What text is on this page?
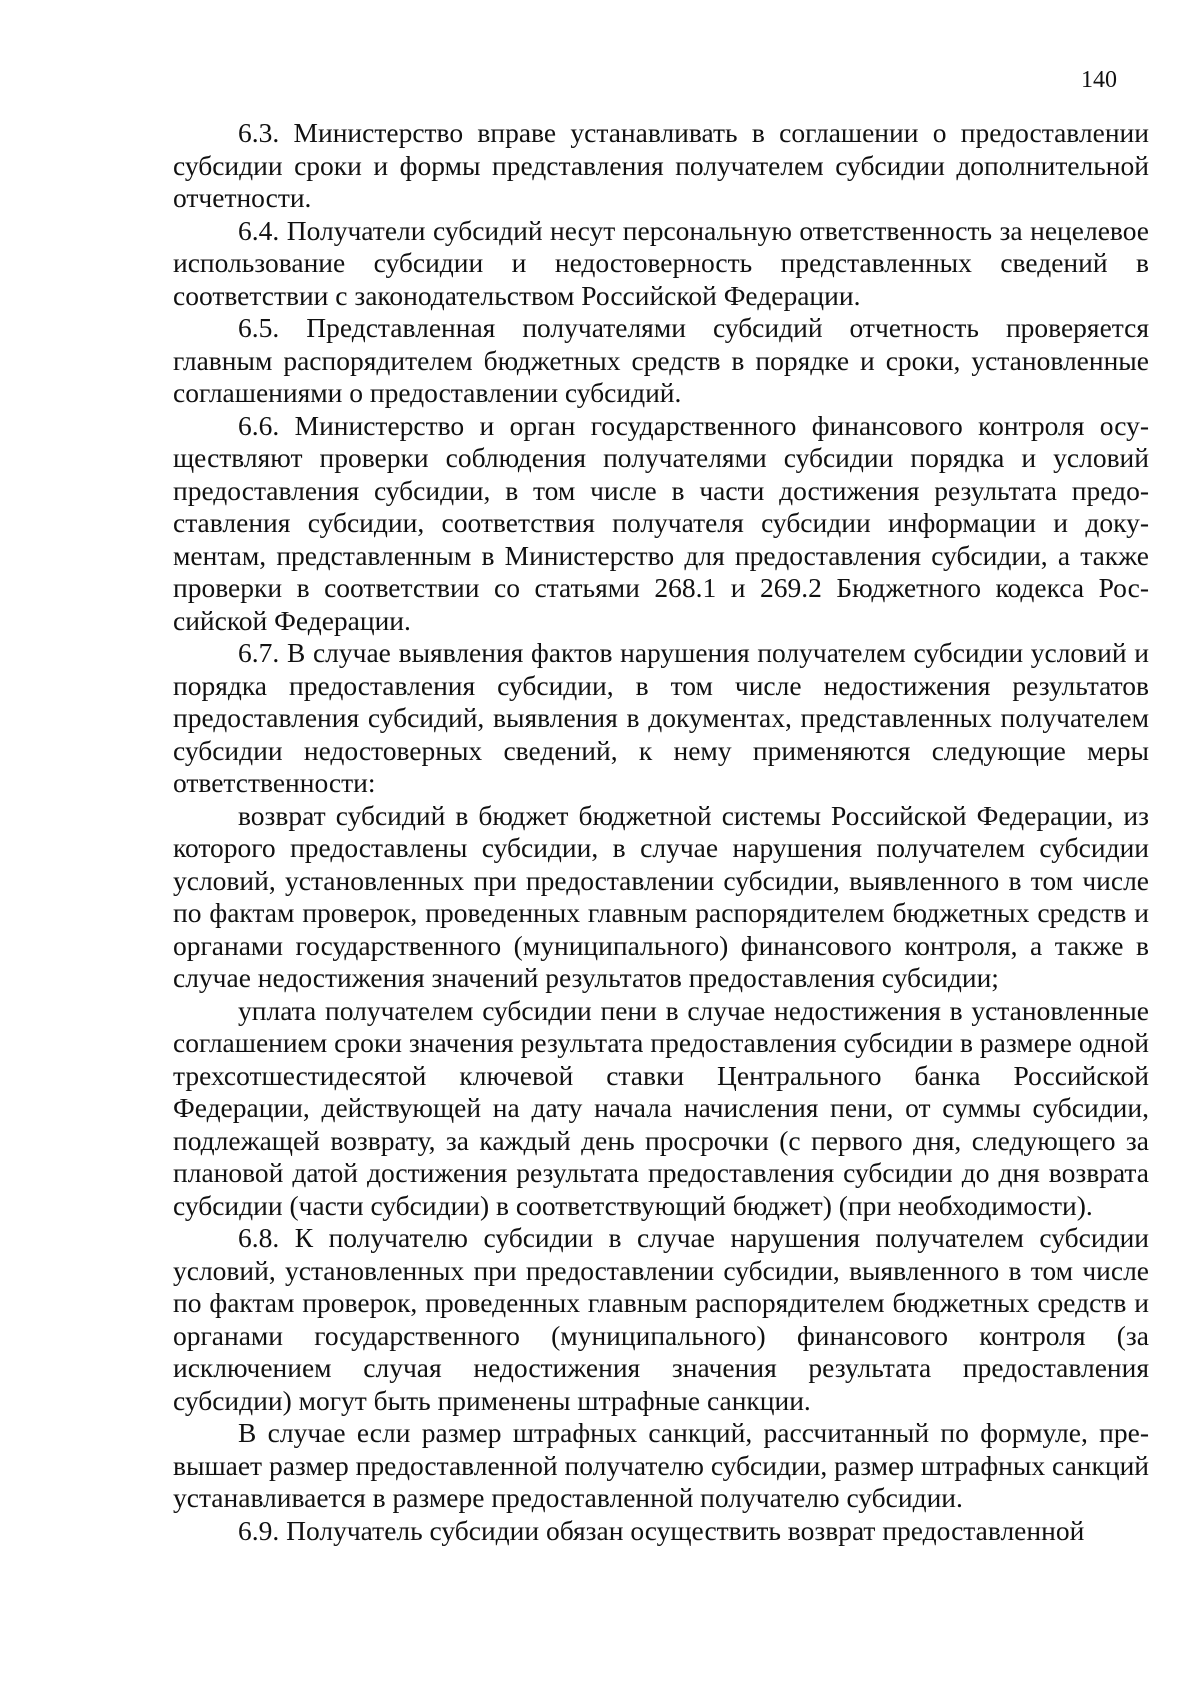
140

6.3. Министерство вправе устанавливать в соглашении о предоставлении субсидии сроки и формы представления получателем субсидии дополнительной отчетности.

6.4. Получатели субсидий несут персональную ответственность за нецелевое использование субсидии и недостоверность представленных сведений в соответствии с законодательством Российской Федерации.

6.5. Представленная получателями субсидий отчетность проверяется главным распорядителем бюджетных средств в порядке и сроки, установленные соглашениями о предоставлении субсидий.

6.6. Министерство и орган государственного финансового контроля осуществляют проверки соблюдения получателями субсидии порядка и условий предоставления субсидии, в том числе в части достижения результата предоставления субсидии, соответствия получателя субсидии информации и документам, представленным в Министерство для предоставления субсидии, а также проверки в соответствии со статьями 268.1 и 269.2 Бюджетного кодекса Российской Федерации.

6.7. В случае выявления фактов нарушения получателем субсидии условий и порядка предоставления субсидии, в том числе недостижения результатов предоставления субсидий, выявления в документах, представленных получателем субсидии недостоверных сведений, к нему применяются следующие меры ответственности:

возврат субсидий в бюджет бюджетной системы Российской Федерации, из которого предоставлены субсидии, в случае нарушения получателем субсидии условий, установленных при предоставлении субсидии, выявленного в том числе по фактам проверок, проведенных главным распорядителем бюджетных средств и органами государственного (муниципального) финансового контроля, а также в случае недостижения значений результатов предоставления субсидии;

уплата получателем субсидии пени в случае недостижения в установленные соглашением сроки значения результата предоставления субсидии в размере одной трехсотшестидесятой ключевой ставки Центрального банка Российской Федерации, действующей на дату начала начисления пени, от суммы субсидии, подлежащей возврату, за каждый день просрочки (с первого дня, следующего за плановой датой достижения результата предоставления субсидии до дня возврата субсидии (части субсидии) в соответствующий бюджет) (при необходимости).

6.8. К получателю субсидии в случае нарушения получателем субсидии условий, установленных при предоставлении субсидии, выявленного в том числе по фактам проверок, проведенных главным распорядителем бюджетных средств и органами государственного (муниципального) финансового контроля (за исключением случая недостижения значения результата предоставления субсидии) могут быть применены штрафные санкции.

В случае если размер штрафных санкций, рассчитанный по формуле, превышает размер предоставленной получателю субсидии, размер штрафных санкций устанавливается в размере предоставленной получателю субсидии.

6.9. Получатель субсидии обязан осуществить возврат предоставленной
